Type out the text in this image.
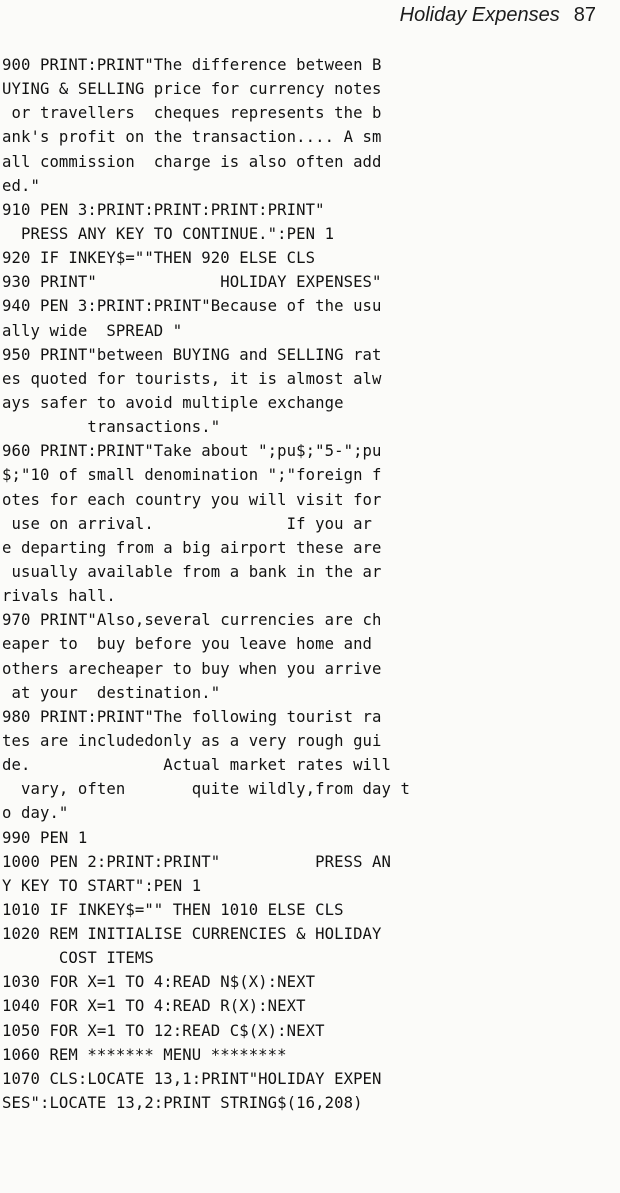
Holiday Expenses 87
900 PRINT:PRINT"The difference between B
UYING & SELLING price for currency notes
or travellers  cheques represents the b
ank's profit on the transaction.... A sm
all commission  charge is also often add
ed."
910 PEN 3:PRINT:PRINT:PRINT:PRINT"
PRESS ANY KEY TO CONTINUE.":PEN 1
920 IF INKEY$=""THEN 920 ELSE CLS
930 PRINT"             HOLIDAY EXPENSES"
940 PEN 3:PRINT:PRINT"Because of the usu
ally wide  SPREAD "
950 PRINT"between BUYING and SELLING rat
es quoted for tourists, it is almost alw
ays safer to avoid multiple exchange
transactions."
960 PRINT:PRINT"Take about ";pu$;"5-";pu
$;"10 of small denomination ";"foreign f
otes for each country you will visit for
use on arrival.              If you ar
e departing from a big airport these are
usually available from a bank in the ar
rivals hall.
970 PRINT"Also,several currencies are ch
eaper to  buy before you leave home and
others arecheaper to buy when you arrive
at your  destination."
980 PRINT:PRINT"The following tourist ra
tes are includedonly as a very rough gui
de.              Actual market rates will
vary, often       quite wildly,from day t
o day."
990 PEN 1
1000 PEN 2:PRINT:PRINT"          PRESS AN
Y KEY TO START":PEN 1
1010 IF INKEY$="" THEN 1010 ELSE CLS
1020 REM INITIALISE CURRENCIES & HOLIDAY
COST ITEMS
1030 FOR X=1 TO 4:READ N$(X):NEXT
1040 FOR X=1 TO 4:READ R(X):NEXT
1050 FOR X=1 TO 12:READ C$(X):NEXT
1060 REM ******* MENU ********
1070 CLS:LOCATE 13,1:PRINT"HOLIDAY EXPEN
SES":LOCATE 13,2:PRINT STRING$(16,208)
